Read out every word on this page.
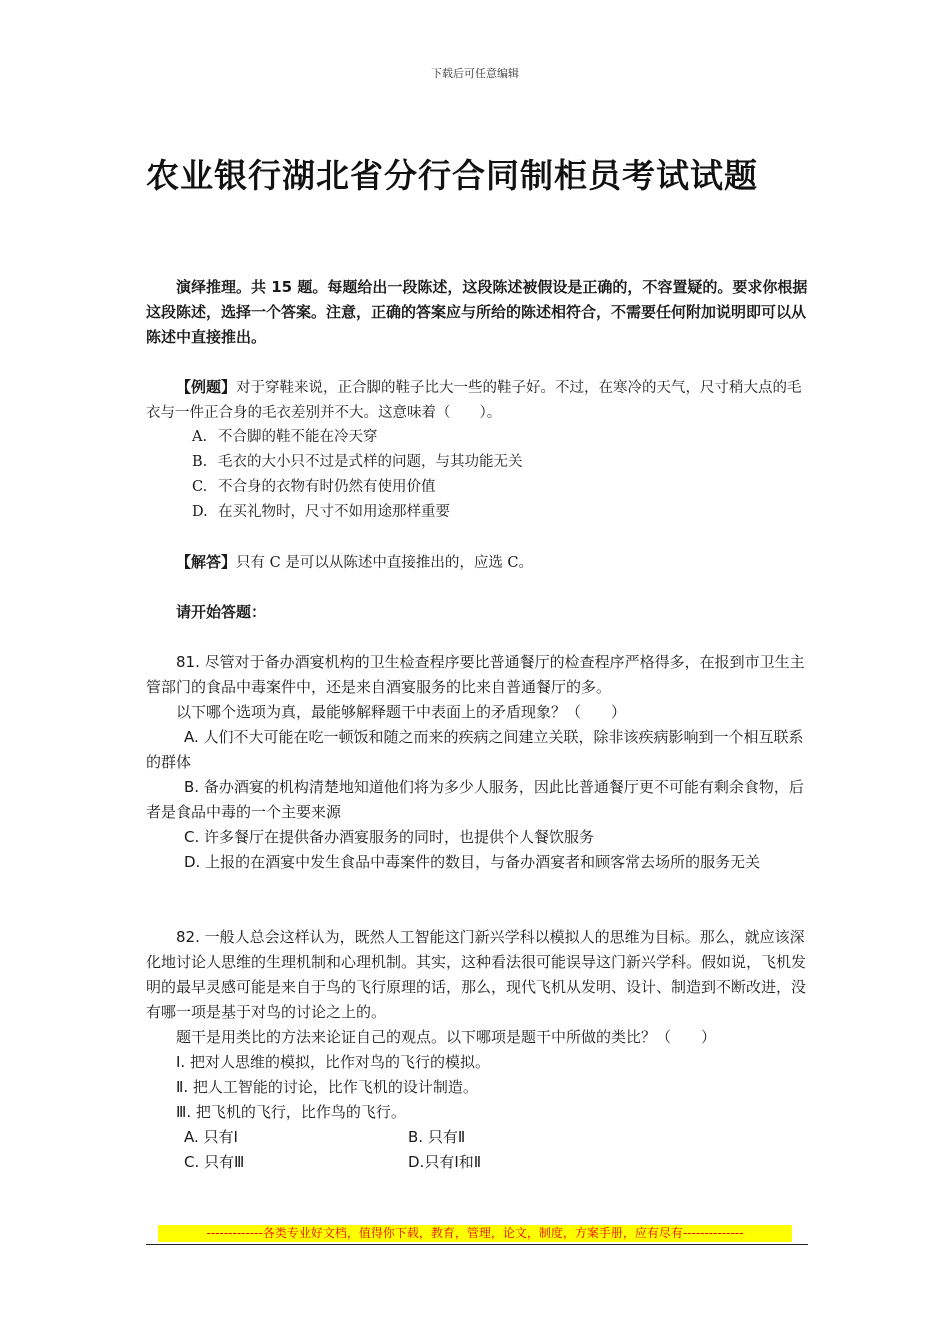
下载后可任意编辑
农业银行湖北省分行合同制柜员考试试题
演绎推理。共 15 题。每题给出一段陈述，这段陈述被假设是正确的，不容置疑的。要求你根据这段陈述，选择一个答案。注意，正确的答案应与所给的陈述相符合，不需要任何附加说明即可以从陈述中直接推出。
【例题】对于穿鞋来说，正合脚的鞋子比大一些的鞋子好。不过，在寒冷的天气，尺寸稍大点的毛衣与一件正合身的毛衣差别并不大。这意味着（　　）。
A. 不合脚的鞋不能在冷天穿
B. 毛衣的大小只不过是式样的问题，与其功能无关
C. 不合身的衣物有时仍然有使用价值
D. 在买礼物时，尺寸不如用途那样重要
【解答】只有 C 是可以从陈述中直接推出的，应选 C。
请开始答题：
81. 尽管对于备办酒宴机构的卫生检查程序要比普通餐厅的检查程序严格得多，在报到市卫生主管部门的食品中毒案件中，还是来自酒宴服务的比来自普通餐厅的多。
以下哪个选项为真，最能够解释题干中表面上的矛盾现象？（　　）
A. 人们不大可能在吃一顿饭和随之而来的疾病之间建立关联，除非该疾病影响到一个相互联系的群体
B. 备办酒宴的机构清楚地知道他们将为多少人服务，因此比普通餐厅更不可能有剩余食物，后者是食品中毒的一个主要来源
C. 许多餐厅在提供备办酒宴服务的同时，也提供个人餐饮服务
D. 上报的在酒宴中发生食品中毒案件的数目，与备办酒宴者和顾客常去场所的服务无关
82. 一般人总会这样认为，既然人工智能这门新兴学科以模拟人的思维为目标。那么，就应该深化地讨论人思维的生理机制和心理机制。其实，这种看法很可能误导这门新兴学科。假如说，飞机发明的最早灵感可能是来自于鸟的飞行原理的话，那么，现代飞机从发明、设计、制造到不断改进，没有哪一项是基于对鸟的讨论之上的。
题干是用类比的方法来论证自己的观点。以下哪项是题干中所做的类比？（　　）
Ⅰ. 把对人思维的模拟，比作对鸟的飞行的模拟。
Ⅱ. 把人工智能的讨论，比作飞机的设计制造。
Ⅲ. 把飞机的飞行，比作鸟的飞行。
A. 只有Ⅰ	B. 只有Ⅱ
C. 只有Ⅲ	D.只有Ⅰ和Ⅱ
-------------各类专业好文档，值得你下载，教育，管理，论文，制度，方案手册，应有尽有--------------
